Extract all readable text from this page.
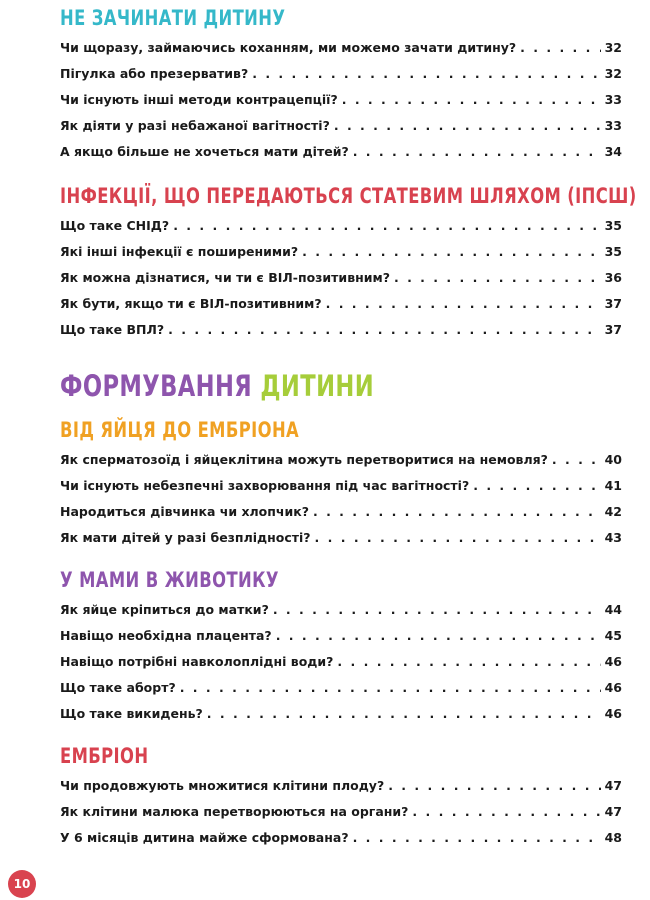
НЕ ЗАЧИНАТИ ДИТИНУ
Чи щоразу, займаючись коханням, ми можемо зачати дитину? . . .	32
Пігулка або презерватив? . . .	32
Чи існують інші методи контрацепції? . . .	33
Як діяти у разі небажаної вагітності? . . .	33
А якщо більше не хочеться мати дітей? . . .	34
ІНФЕКЦІЇ, ЩО ПЕРЕДАЮТЬСЯ СТАТЕВИМ ШЛЯХОМ (ІПСШ)
Що таке СНІД? . . .	35
Які інші інфекції є поширеними? . . .	35
Як можна дізнатися, чи ти є ВІЛ-позитивним? . . .	36
Як бути, якщо ти є ВІЛ-позитивним? . . .	37
Що таке ВПЛ? . . .	37
ФОРМУВАННЯ ДИТИНИ
ВІД ЯЙЦЯ ДО ЕМБРІОНА
Як сперматозоїд і яйцеклітина можуть перетворитися на немовля? . . .	40
Чи існують небезпечні захворювання під час вагітності? . . .	41
Народиться дівчинка чи хлопчик? . . .	42
Як мати дітей у разі безплідності? . . .	43
У МАМИ В ЖИВОТИКУ
Як яйце кріпиться до матки? . . .	44
Навіщо необхідна плацента? . . .	45
Навіщо потрібні навколоплідні води? . . .	46
Що таке аборт? . . .	46
Що таке викидень? . . .	46
ЕМБРІОН
Чи продовжують множитися клітини плоду? . . .	47
Як клітини малюка перетворюються на органи? . . .	47
У 6 місяців дитина майже сформована? . . .	48
10
